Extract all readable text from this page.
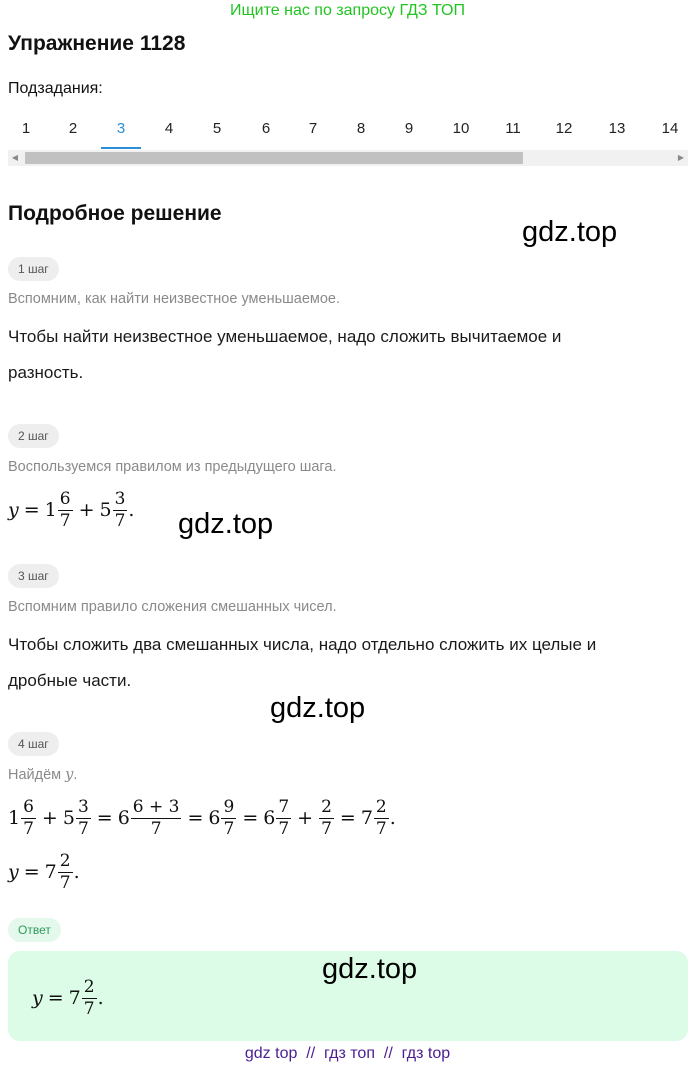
Ищите нас по запросу ГДЗ ТОП
Упражнение 1128
Подзадания:
1	2	3	4	5	6	7	8	9	10	11	12	13	14
◀	▶
Подробное решение
gdz.top
1 шаг
Вспомним, как найти неизвестное уменьшаемое.
Чтобы найти неизвестное уменьшаемое, надо сложить вычитаемое и
разность.
2 шаг
Воспользуемся правилом из предыдущего шага.
$y = 1 \frac{6}{7} + 5 \frac{3}{7}$ . gdz.top
3 шаг
Вспомним правило сложения смешанных чисел.
Чтобы сложить два смешанных числа, надо отдельно сложить их целые и
дробные части.
gdz.top
4 шаг
Найдём y.
$1 \frac{6}{7} + 5 \frac{3}{7} = 6 \frac{6 + 3}{7} = 6 \frac{9}{7} = 6 \frac{7}{7} + \frac{2}{7} = 7 \frac{2}{7}$ .
$y = 7 \frac{2}{7}$ .
Ответ
$y = 7 \frac{2}{7}$ .
gdz.top
gdz top  //  гдз топ  //  гдз top
